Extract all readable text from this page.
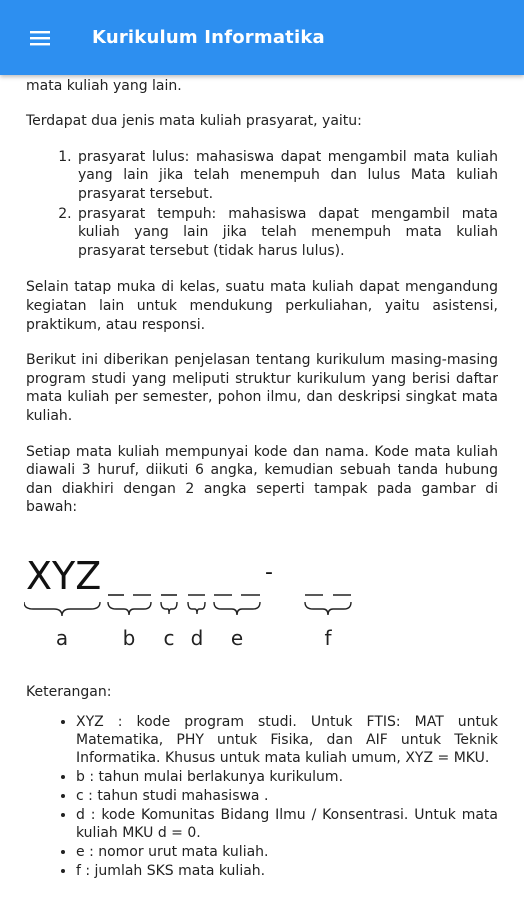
Kurikulum Informatika

mata kuliah yang lain.

Terdapat dua jenis mata kuliah prasyarat, yaitu:

1. prasyarat lulus: mahasiswa dapat mengambil mata kuliah yang lain jika telah menempuh dan lulus Mata kuliah prasyarat tersebut.
2. prasyarat tempuh: mahasiswa dapat mengambil mata kuliah yang lain jika telah menempuh mata kuliah prasyarat tersebut (tidak harus lulus).

Selain tatap muka di kelas, suatu mata kuliah dapat mengandung kegiatan lain untuk mendukung perkuliahan, yaitu asistensi, praktikum, atau responsi.

Berikut ini diberikan penjelasan tentang kurikulum masing-masing program studi yang meliputi struktur kurikulum yang berisi daftar mata kuliah per semester, pohon ilmu, dan deskripsi singkat mata kuliah.

Setiap mata kuliah mempunyai kode dan nama. Kode mata kuliah diawali 3 huruf, diikuti 6 angka, kemudian sebuah tanda hubung dan diakhiri dengan 2 angka seperti tampak pada gambar di bawah:

XYZ	-
a	b c d e	f

Keterangan:

• XYZ : kode program studi. Untuk FTIS: MAT untuk Matematika, PHY untuk Fisika, dan AIF untuk Teknik Informatika. Khusus untuk mata kuliah umum, XYZ = MKU.
• b : tahun mulai berlakunya kurikulum.
• c : tahun studi mahasiswa .
• d : kode Komunitas Bidang Ilmu / Konsentrasi. Untuk mata kuliah MKU d = 0.
• e : nomor urut mata kuliah.
• f : jumlah SKS mata kuliah.
